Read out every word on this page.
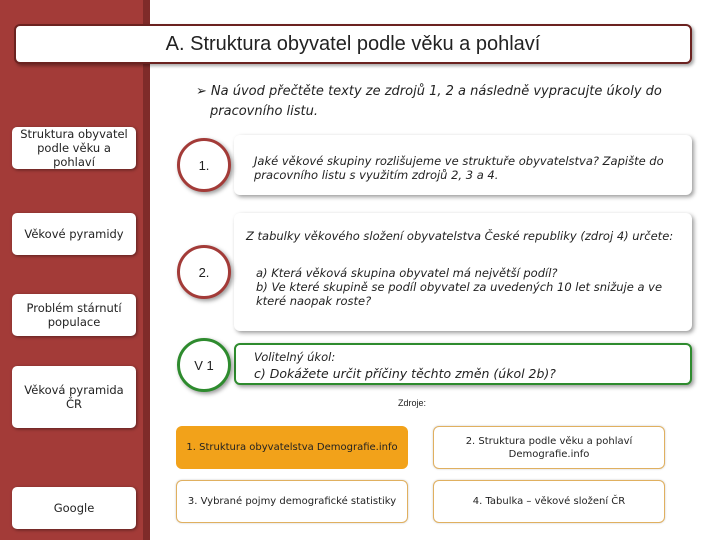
A. Struktura obyvatel podle věku a pohlaví
➢ Na úvod přečtěte texty ze zdrojů 1, 2 a následně vypracujte úkoly do
pracovního listu.
Struktura obyvatel podle věku a pohlaví
Věkové pyramidy
Problém stárnutí populace
Věková pyramida ČR
Google
Jaké věkové skupiny rozlišujeme ve struktuře obyvatelstva? Zapište do pracovního listu s využitím zdrojů 2, 3 a 4.
1.
Z tabulky věkového složení obyvatelstva České republiky (zdroj 4) určete:
a) Která věková skupina obyvatel má největší podíl?
b) Ve které skupině se podíl obyvatel za uvedených 10 let snižuje a ve které naopak roste?
2.
Volitelný úkol:
c) Dokážete určit příčiny těchto změn (úkol 2b)?
V 1
Zdroje:
1. Struktura obyvatelstva Demografie.info
2. Struktura podle věku a pohlaví Demografie.info
3. Vybrané pojmy demografické statistiky	4. Tabulka – věkové složení ČR
